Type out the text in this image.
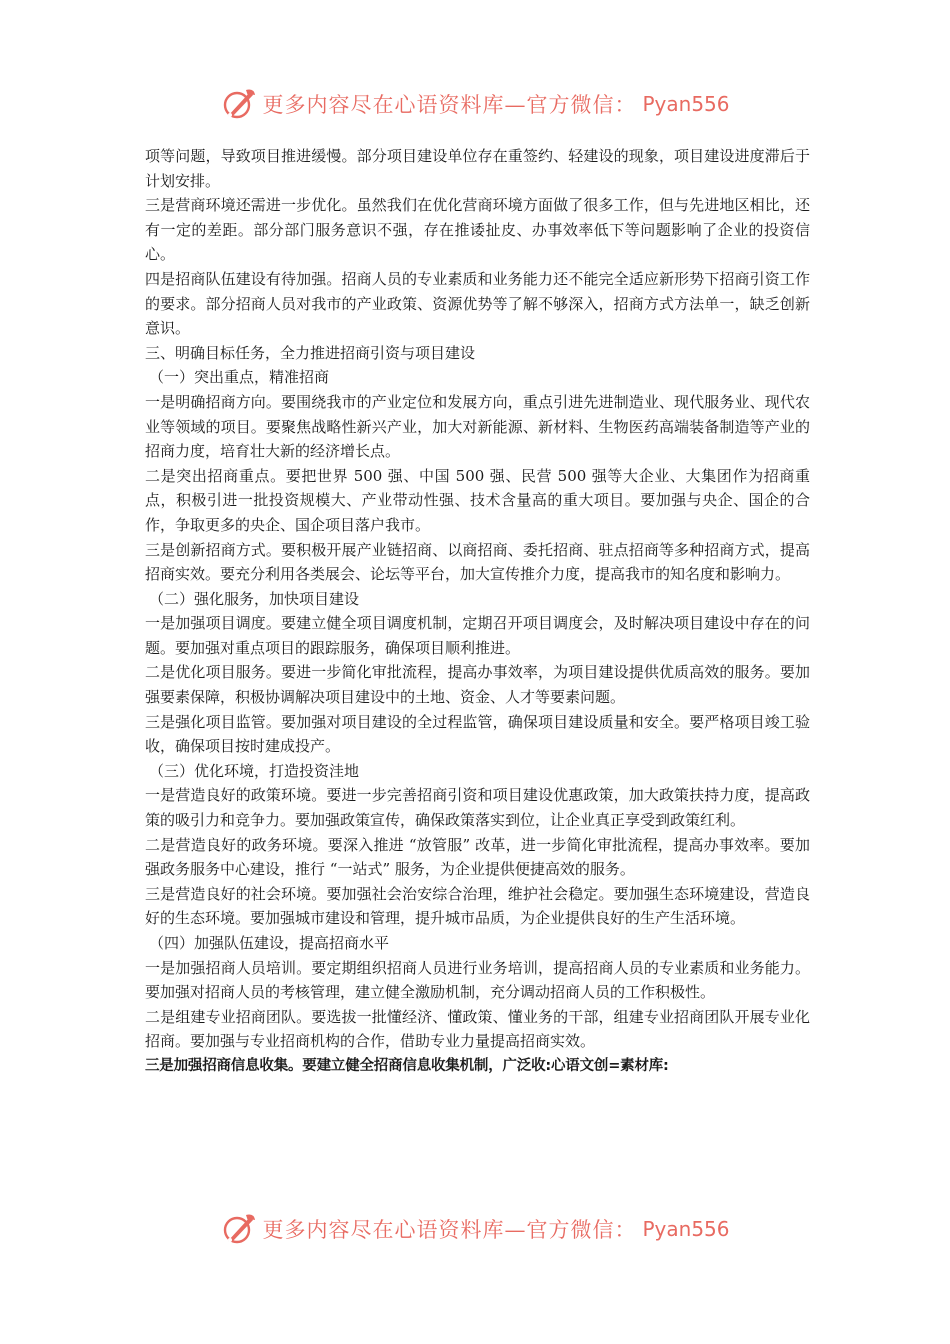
更多内容尽在心语资料库—官方微信： Pyan556

项等问题，导致项目推进缓慢。部分项目建设单位存在重签约、轻建设的现象，项目建设进度滞后于计划安排。

三是营商环境还需进一步优化。虽然我们在优化营商环境方面做了很多工作，但与先进地区相比，还有一定的差距。部分部门服务意识不强，存在推诿扯皮、办事效率低下等问题影响了企业的投资信心。

四是招商队伍建设有待加强。招商人员的专业素质和业务能力还不能完全适应新形势下招商引资工作的要求。部分招商人员对我市的产业政策、资源优势等了解不够深入，招商方式方法单一，缺乏创新意识。

三、明确目标任务，全力推进招商引资与项目建设

（一）突出重点，精准招商

一是明确招商方向。要围绕我市的产业定位和发展方向，重点引进先进制造业、现代服务业、现代农业等领域的项目。要聚焦战略性新兴产业，加大对新能源、新材料、生物医药高端装备制造等产业的招商力度，培育壮大新的经济增长点。

二是突出招商重点。要把世界 500 强、中国 500 强、民营 500 强等大企业、大集团作为招商重点，积极引进一批投资规模大、产业带动性强、技术含量高的重大项目。要加强与央企、国企的合作，争取更多的央企、国企项目落户我市。

三是创新招商方式。要积极开展产业链招商、以商招商、委托招商、驻点招商等多种招商方式，提高招商实效。要充分利用各类展会、论坛等平台，加大宣传推介力度，提高我市的知名度和影响力。

（二）强化服务，加快项目建设

一是加强项目调度。要建立健全项目调度机制，定期召开项目调度会，及时解决项目建设中存在的问题。要加强对重点项目的跟踪服务，确保项目顺利推进。

二是优化项目服务。要进一步简化审批流程，提高办事效率，为项目建设提供优质高效的服务。要加强要素保障，积极协调解决项目建设中的土地、资金、人才等要素问题。

三是强化项目监管。要加强对项目建设的全过程监管，确保项目建设质量和安全。要严格项目竣工验收，确保项目按时建成投产。

（三）优化环境，打造投资洼地

一是营造良好的政策环境。要进一步完善招商引资和项目建设优惠政策，加大政策扶持力度，提高政策的吸引力和竞争力。要加强政策宣传，确保政策落实到位，让企业真正享受到政策红利。

二是营造良好的政务环境。要深入推进 “放管服” 改革，进一步简化审批流程，提高办事效率。要加强政务服务中心建设，推行 “一站式” 服务，为企业提供便捷高效的服务。

三是营造良好的社会环境。要加强社会治安综合治理，维护社会稳定。要加强生态环境建设，营造良好的生态环境。要加强城市建设和管理，提升城市品质，为企业提供良好的生产生活环境。

（四）加强队伍建设，提高招商水平

一是加强招商人员培训。要定期组织招商人员进行业务培训，提高招商人员的专业素质和业务能力。要加强对招商人员的考核管理，建立健全激励机制，充分调动招商人员的工作积极性。

二是组建专业招商团队。要选拔一批懂经济、懂政策、懂业务的干部，组建专业招商团队开展专业化招商。要加强与专业招商机构的合作，借助专业力量提高招商实效。

三是加强招商信息收集。要建立健全招商信息收集机制，广泛收:心语文创=素材库:

更多内容尽在心语资料库—官方微信： Pyan556
